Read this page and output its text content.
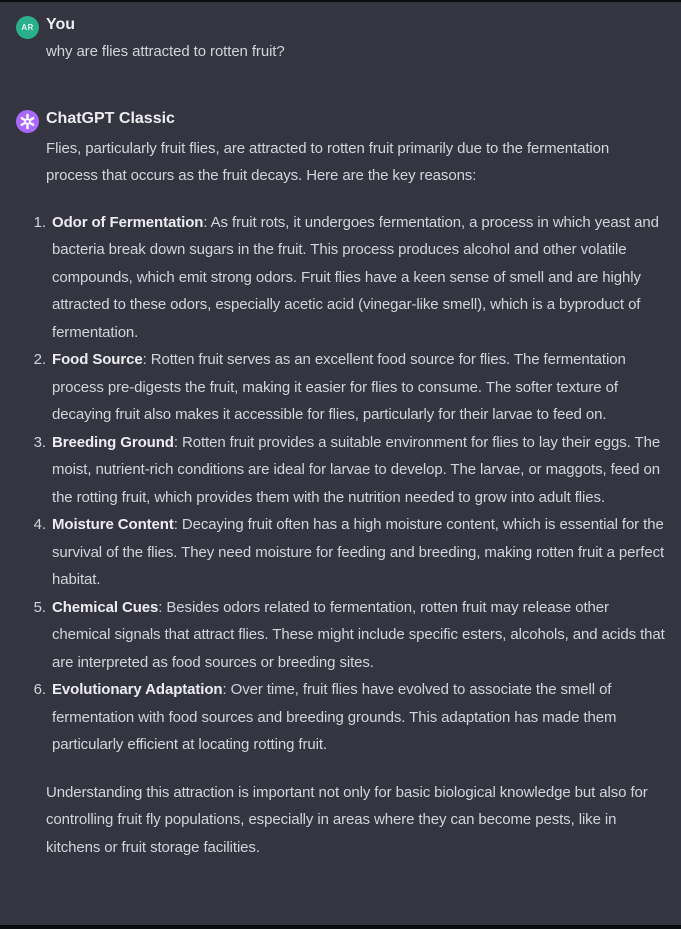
AR You
why are flies attracted to rotten fruit?
ChatGPT Classic

Flies, particularly fruit flies, are attracted to rotten fruit primarily due to the fermentation process that occurs as the fruit decays. Here are the key reasons:

Odor of Fermentation: As fruit rots, it undergoes fermentation, a process in which yeast and bacteria break down sugars in the fruit. This process produces alcohol and other volatile compounds, which emit strong odors. Fruit flies have a keen sense of smell and are highly attracted to these odors, especially acetic acid (vinegar-like smell), which is a byproduct of fermentation.
Food Source: Rotten fruit serves as an excellent food source for flies. The fermentation process pre-digests the fruit, making it easier for flies to consume. The softer texture of decaying fruit also makes it accessible for flies, particularly for their larvae to feed on.
Breeding Ground: Rotten fruit provides a suitable environment for flies to lay their eggs. The moist, nutrient-rich conditions are ideal for larvae to develop. The larvae, or maggots, feed on the rotting fruit, which provides them with the nutrition needed to grow into adult flies.
Moisture Content: Decaying fruit often has a high moisture content, which is essential for the survival of the flies. They need moisture for feeding and breeding, making rotten fruit a perfect habitat.
Chemical Cues: Besides odors related to fermentation, rotten fruit may release other chemical signals that attract flies. These might include specific esters, alcohols, and acids that are interpreted as food sources or breeding sites.
Evolutionary Adaptation: Over time, fruit flies have evolved to associate the smell of fermentation with food sources and breeding grounds. This adaptation has made them particularly efficient at locating rotting fruit.

Understanding this attraction is important not only for basic biological knowledge but also for controlling fruit fly populations, especially in areas where they can become pests, like in kitchens or fruit storage facilities.
